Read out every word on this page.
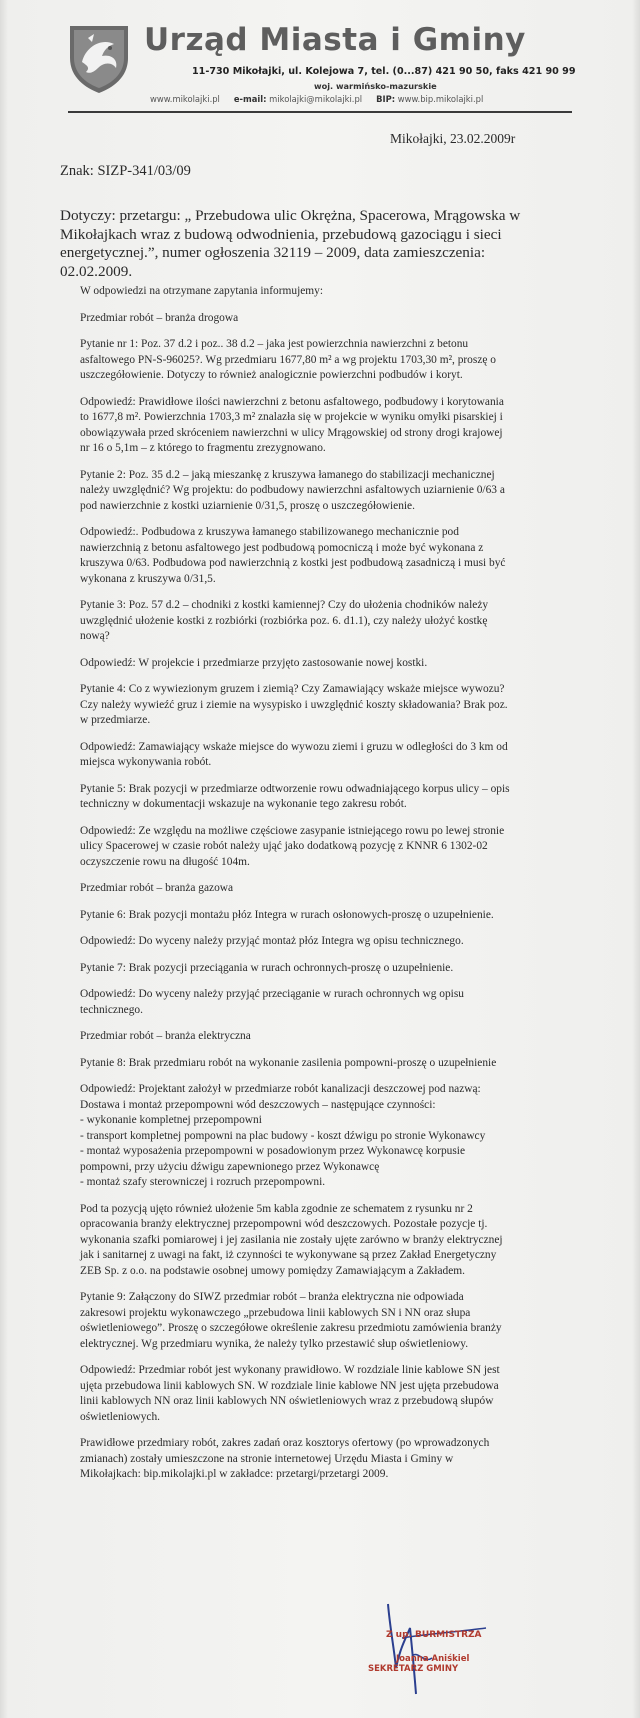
Urząd Miasta i Gminy
11-730 Mikołajki, ul. Kolejowa 7, tel. (0...87) 421 90 50, faks 421 90 99
woj. warmińsko-mazurskie
www.mikolajki.pl e-mail: mikolajki@mikolajki.pl BIP: www.bip.mikolajki.pl
Mikołajki, 23.02.2009r
Znak: SIZP-341/03/09
Dotyczy: przetargu: „ Przebudowa ulic Okrężna, Spacerowa, Mrągowska w
Mikołajkach wraz z budową odwodnienia, przebudową gazociągu i sieci
energetycznej.”, numer ogłoszenia 32119 – 2009, data zamieszczenia:
02.02.2009.
W odpowiedzi na otrzymane zapytania informujemy:
Przedmiar robót – branża drogowa
Pytanie nr 1: Poz. 37 d.2 i poz.. 38 d.2 – jaka jest powierzchnia nawierzchni z betonu
asfaltowego PN-S-96025?. Wg przedmiaru 1677,80 m² a wg projektu 1703,30 m², proszę o
uszczegółowienie. Dotyczy to również analogicznie powierzchni podbudów i koryt.
Odpowiedź: Prawidłowe ilości nawierzchni z betonu asfaltowego, podbudowy i korytowania
to 1677,8 m². Powierzchnia 1703,3 m² znalazła się w projekcie w wyniku omyłki pisarskiej i
obowiązywała przed skróceniem nawierzchni w ulicy Mrągowskiej od strony drogi krajowej
nr 16 o 5,1m – z którego to fragmentu zrezygnowano.
Pytanie 2: Poz. 35 d.2 – jaką mieszankę z kruszywa łamanego do stabilizacji mechanicznej
należy uwzględnić? Wg projektu: do podbudowy nawierzchni asfaltowych uziarnienie 0/63 a
pod nawierzchnie z kostki uziarnienie 0/31,5, proszę o uszczegółowienie.
Odpowiedź:. Podbudowa z kruszywa łamanego stabilizowanego mechanicznie pod
nawierzchnią z betonu asfaltowego jest podbudową pomocniczą i może być wykonana z
kruszywa 0/63. Podbudowa pod nawierzchnią z kostki jest podbudową zasadniczą i musi być
wykonana z kruszywa 0/31,5.
Pytanie 3: Poz. 57 d.2 – chodniki z kostki kamiennej? Czy do ułożenia chodników należy
uwzględnić ułożenie kostki z rozbiórki (rozbiórka poz. 6. d1.1), czy należy ułożyć kostkę
nową?
Odpowiedź: W projekcie i przedmiarze przyjęto zastosowanie nowej kostki.
Pytanie 4: Co z wywiezionym gruzem i ziemią? Czy Zamawiający wskaże miejsce wywozu?
Czy należy wywieźć gruz i ziemie na wysypisko i uwzględnić koszty składowania? Brak poz.
w przedmiarze.
Odpowiedź: Zamawiający wskaże miejsce do wywozu ziemi i gruzu w odległości do 3 km od
miejsca wykonywania robót.
Pytanie 5: Brak pozycji w przedmiarze odtworzenie rowu odwadniającego korpus ulicy – opis
techniczny w dokumentacji wskazuje na wykonanie tego zakresu robót.
Odpowiedź: Ze względu na możliwe częściowe zasypanie istniejącego rowu po lewej stronie
ulicy Spacerowej w czasie robót należy ująć jako dodatkową pozycję z KNNR 6 1302-02
oczyszczenie rowu na długość 104m.
Przedmiar robót – branża gazowa
Pytanie 6: Brak pozycji montażu płóz Integra w rurach osłonowych-proszę o uzupełnienie.
Odpowiedź: Do wyceny należy przyjąć montaż płóz Integra wg opisu technicznego.
Pytanie 7: Brak pozycji przeciągania w rurach ochronnych-proszę o uzupełnienie.
Odpowiedź: Do wyceny należy przyjąć przeciąganie w rurach ochronnych wg opisu
technicznego.
Przedmiar robót – branża elektryczna
Pytanie 8: Brak przedmiaru robót na wykonanie zasilenia pompowni-proszę o uzupełnienie
Odpowiedź: Projektant założył w przedmiarze robót kanalizacji deszczowej pod nazwą:
Dostawa i montaż przepompowni wód deszczowych – następujące czynności:
- wykonanie kompletnej przepompowni
- transport kompletnej pompowni na plac budowy - koszt dźwigu po stronie Wykonawcy
- montaż wyposażenia przepompowni w posadowionym przez Wykonawcę korpusie
pompowni, przy użyciu dźwigu zapewnionego przez Wykonawcę
- montaż szafy sterowniczej i rozruch przepompowni.
Pod ta pozycją ujęto również ułożenie 5m kabla zgodnie ze schematem z rysunku nr 2
opracowania branży elektrycznej przepompowni wód deszczowych. Pozostałe pozycje tj.
wykonania szafki pomiarowej i jej zasilania nie zostały ujęte zarówno w branży elektrycznej
jak i sanitarnej z uwagi na fakt, iż czynności te wykonywane są przez Zakład Energetyczny
ZEB Sp. z o.o. na podstawie osobnej umowy pomiędzy Zamawiającym a Zakładem.
Pytanie 9: Załączony do SIWZ przedmiar robót – branża elektryczna nie odpowiada
zakresowi projektu wykonawczego „przebudowa linii kablowych SN i NN oraz słupa
oświetleniowego”. Proszę o szczegółowe określenie zakresu przedmiotu zamówienia branży
elektrycznej. Wg przedmiaru wynika, że należy tylko przestawić słup oświetleniowy.
Odpowiedź: Przedmiar robót jest wykonany prawidłowo. W rozdziale linie kablowe SN jest
ujęta przebudowa linii kablowych SN. W rozdziale linie kablowe NN jest ujęta przebudowa
linii kablowych NN oraz linii kablowych NN oświetleniowych wraz z przebudową słupów
oświetleniowych.
Prawidłowe przedmiary robót, zakres zadań oraz kosztorys ofertowy (po wprowadzonych
zmianach) zostały umieszczone na stronie internetowej Urzędu Miasta i Gminy w
Mikołajkach: bip.mikolajki.pl w zakładce: przetargi/przetargi 2009.
Z up. BURMISTRZA
Joanna Aniśkiel
SEKRETARZ GMINY
